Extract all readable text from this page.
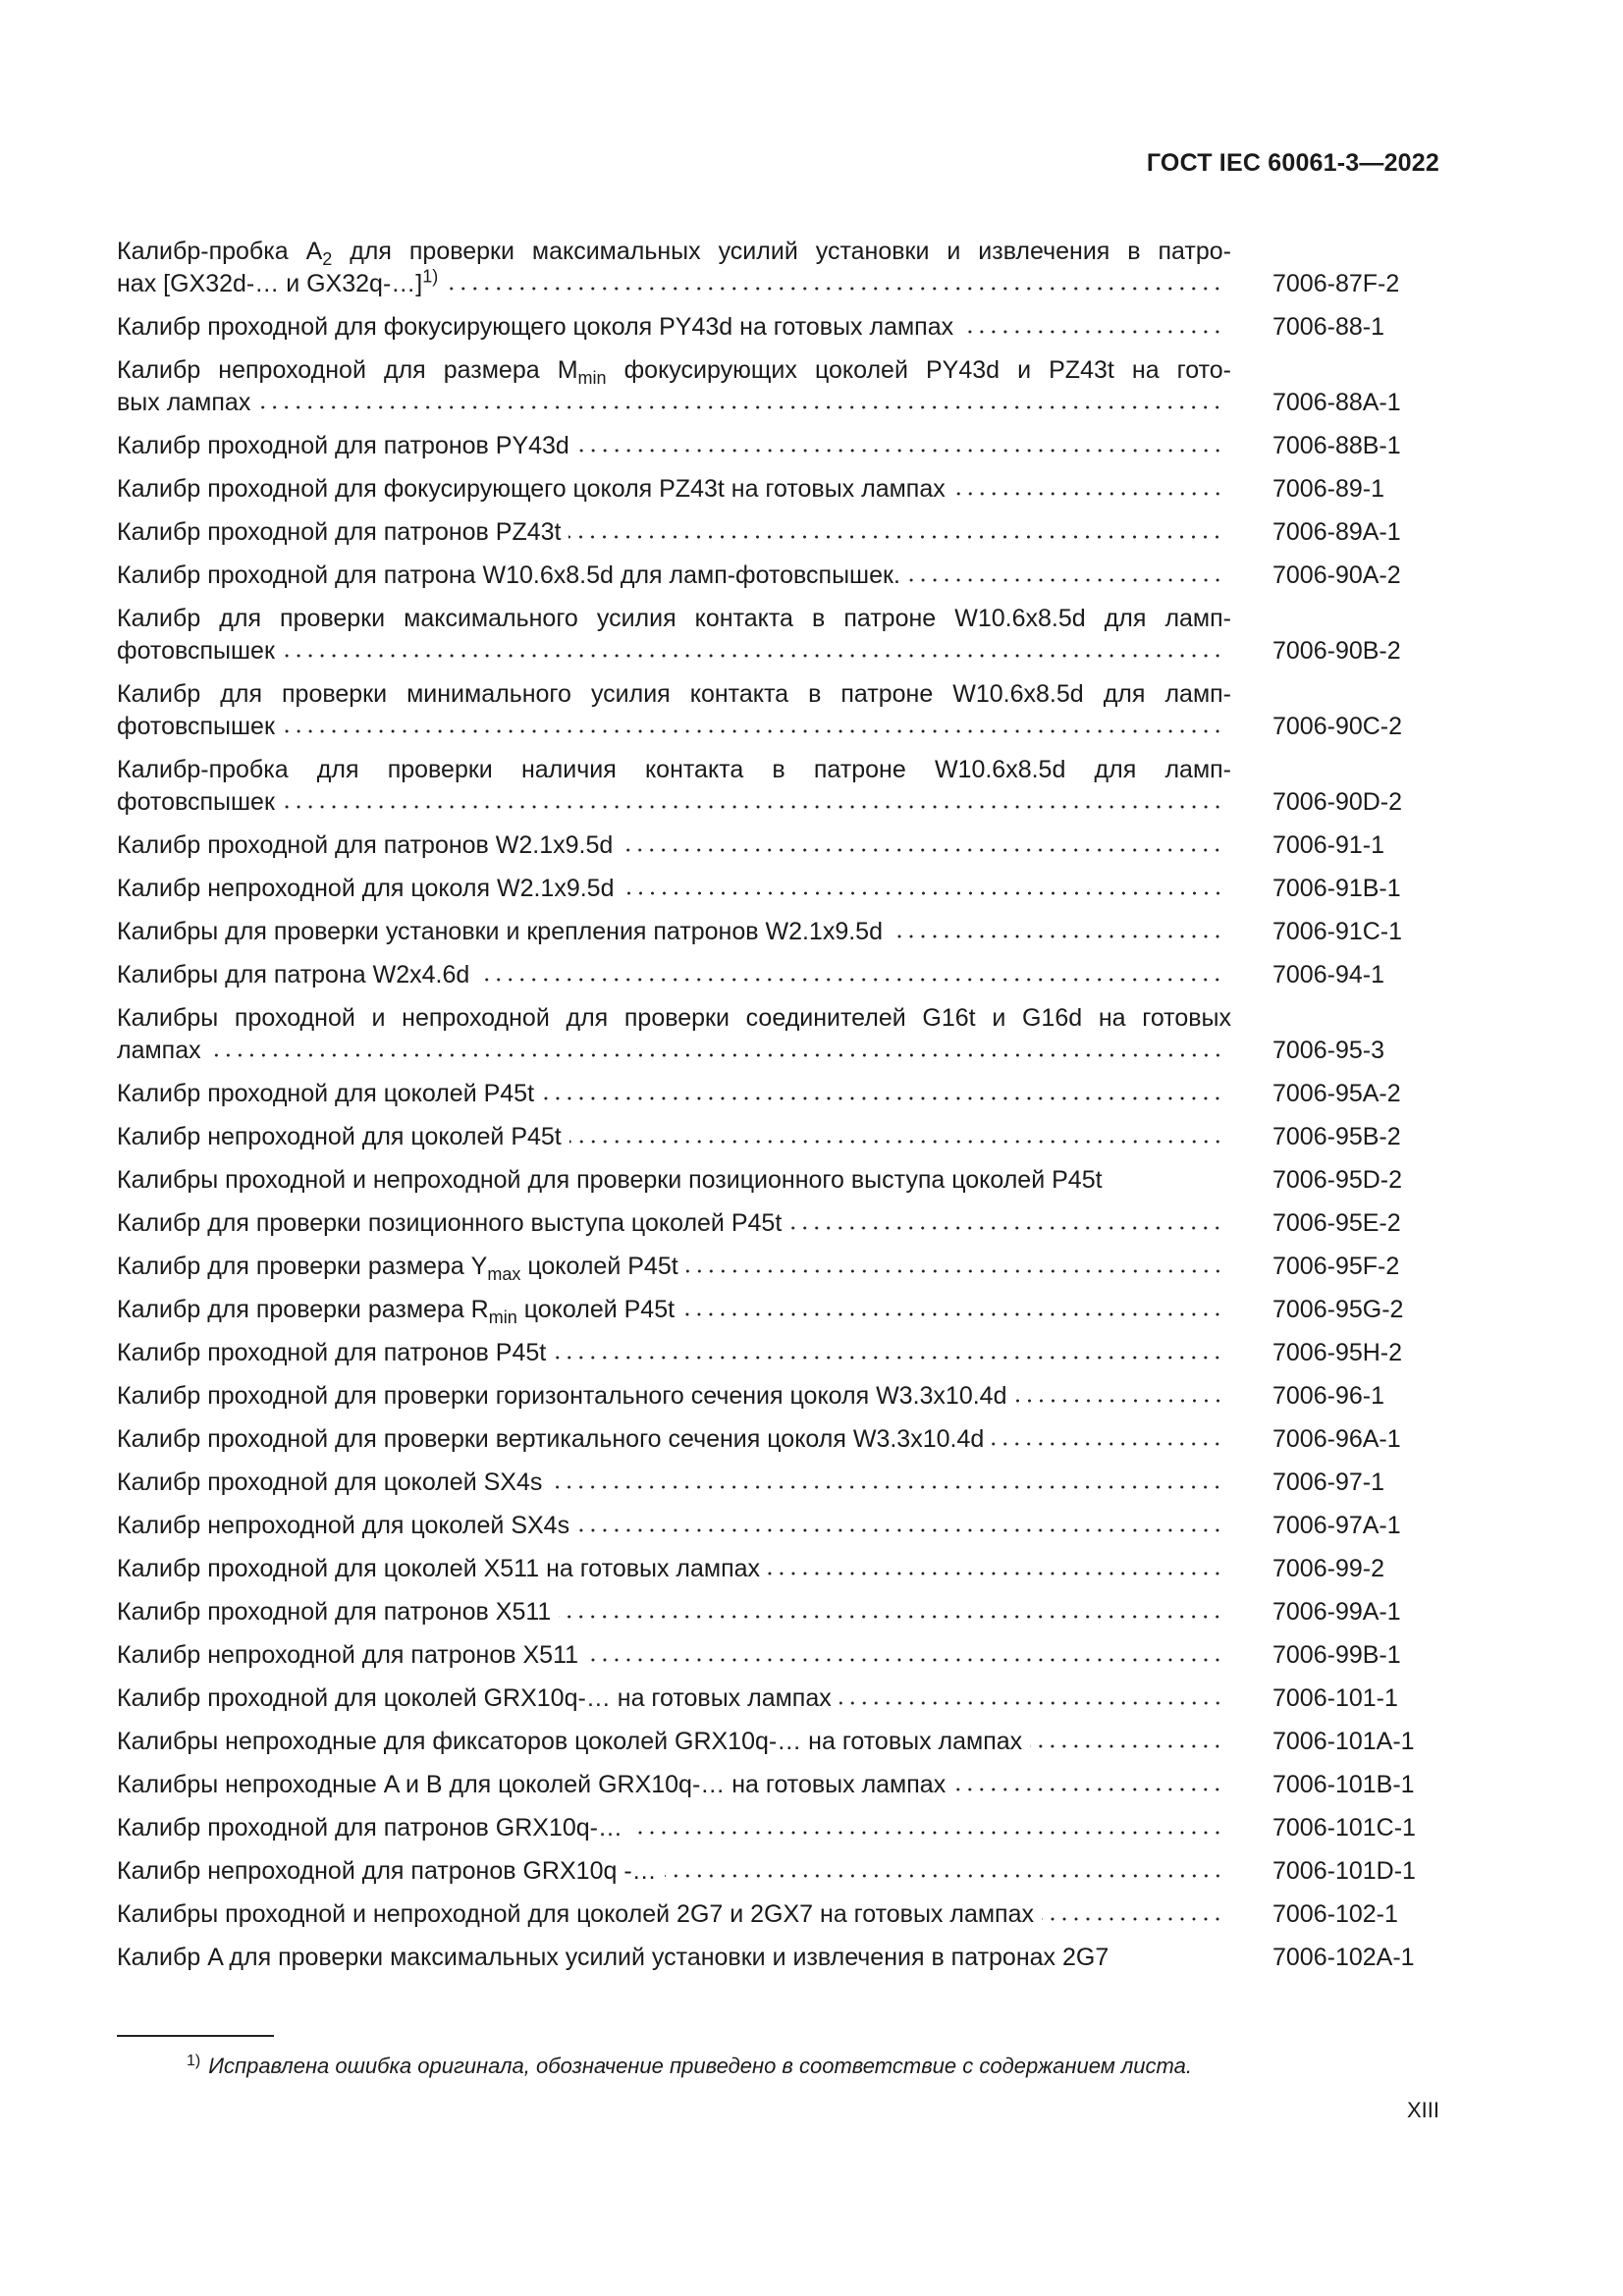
ГОСТ IEC 60061-3—2022
Калибр-пробка $A_2$ для проверки максимальных усилий установки и извлечения в патро-
нах [GX32d-… и GX32q-…]$^{1)}$	7006-87F-2
Калибр проходной для фокусирующего цоколя PY43d на готовых лампах	7006-88-1
Калибр непроходной для размера $M_{min}$ фокусирующих цоколей PY43d и PZ43t на гото-
вых лампах	7006-88A-1
Калибр проходной для патронов PY43d	7006-88B-1
Калибр проходной для фокусирующего цоколя PZ43t на готовых лампах	7006-89-1
Калибр проходной для патронов PZ43t	7006-89A-1
Калибр проходной для патрона W10.6x8.5d для ламп-фотовспышек.	7006-90A-2
Калибр для проверки максимального усилия контакта в патроне W10.6x8.5d для ламп-
фотовспышек	7006-90B-2
Калибр для проверки минимального усилия контакта в патроне W10.6x8.5d для ламп-
фотовспышек	7006-90C-2
Калибр-пробка для проверки наличия контакта в патроне W10.6x8.5d для ламп-
фотовспышек	7006-90D-2
Калибр проходной для патронов W2.1x9.5d	7006-91-1
Калибр непроходной для цоколя W2.1x9.5d	7006-91B-1
Калибры для проверки установки и крепления патронов W2.1x9.5d	7006-91C-1
Калибры для патрона W2x4.6d	7006-94-1
Калибры проходной и непроходной для проверки соединителей G16t и G16d на готовых
лампах	7006-95-3
Калибр проходной для цоколей P45t	7006-95A-2
Калибр непроходной для цоколей P45t	7006-95B-2
Калибры проходной и непроходной для проверки позиционного выступа цоколей P45t	7006-95D-2
Калибр для проверки позиционного выступа цоколей P45t	7006-95E-2
Калибр для проверки размера $Y_{max}$ цоколей P45t	7006-95F-2
Калибр для проверки размера $R_{min}$ цоколей P45t	7006-95G-2
Калибр проходной для патронов P45t	7006-95H-2
Калибр проходной для проверки горизонтального сечения цоколя W3.3x10.4d	7006-96-1
Калибр проходной для проверки вертикального сечения цоколя W3.3x10.4d	7006-96A-1
Калибр проходной для цоколей SX4s	7006-97-1
Калибр непроходной для цоколей SX4s	7006-97A-1
Калибр проходной для цоколей X511 на готовых лампах	7006-99-2
Калибр проходной для патронов X511	7006-99A-1
Калибр непроходной для патронов X511	7006-99B-1
Калибр проходной для цоколей GRX10q-… на готовых лампах	7006-101-1
Калибры непроходные для фиксаторов цоколей GRX10q-… на готовых лампах	7006-101A-1
Калибры непроходные A и B для цоколей GRX10q-… на готовых лампах	7006-101B-1
Калибр проходной для патронов GRX10q-…	7006-101C-1
Калибр непроходной для патронов GRX10q -…	7006-101D-1
Калибры проходной и непроходной для цоколей 2G7 и 2GX7 на готовых лампах	7006-102-1
Калибр A для проверки максимальных усилий установки и извлечения в патронах 2G7	7006-102A-1
$^{1)}$ Исправлена ошибка оригинала, обозначение приведено в соответствие с содержанием листа.
XIII
